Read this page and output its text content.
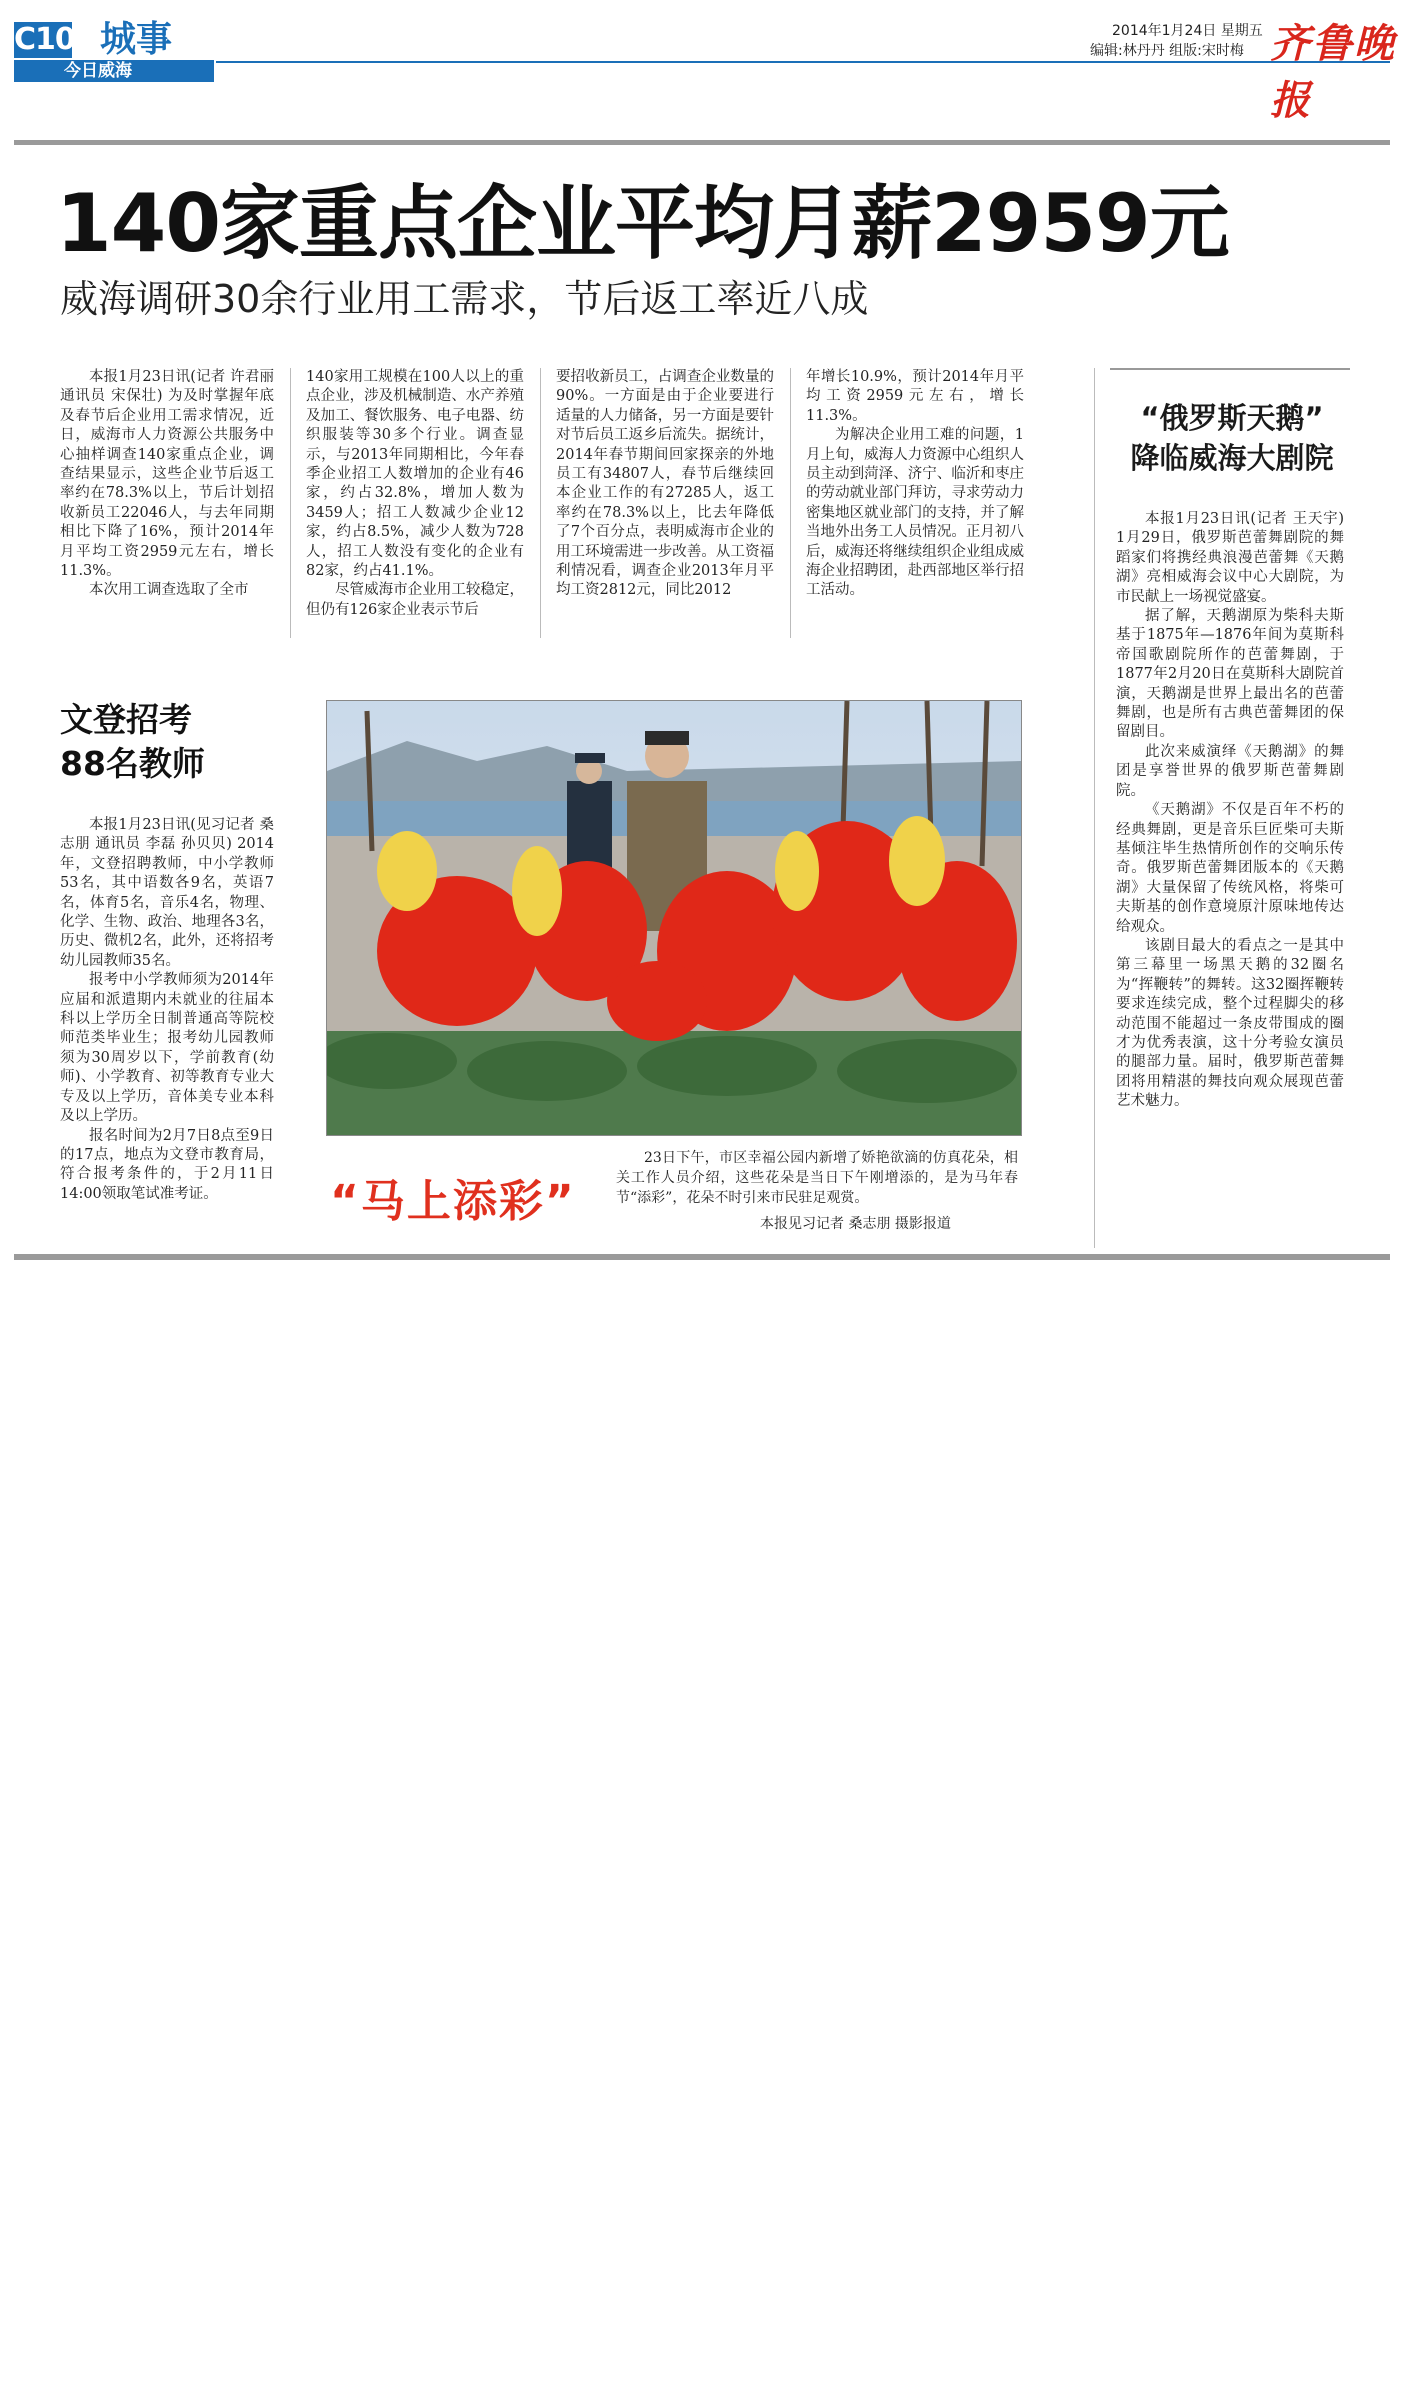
C10 城事
今日威海
2014年1月24日 星期五
编辑:林丹丹 组版:宋时梅 齐鲁晚报
140家重点企业平均月薪2959元
威海调研30余行业用工需求，节后返工率近八成

本报1月23日讯(记者 许君丽 通讯员 宋保壮) 为及时掌握年底及春节后企业用工需求情况，近日，威海市人力资源公共服务中心抽样调查140家重点企业，调查结果显示，这些企业节后返工率约在78.3%以上，节后计划招收新员工22046人，与去年同期相比下降了16%，预计2014年月平均工资2959元左右，增长11.3%。

本次用工调查选取了全市

140家用工规模在100人以上的重点企业，涉及机械制造、水产养殖及加工、餐饮服务、电子电器、纺织服装等30多个行业。调查显示，与2013年同期相比，今年春季企业招工人数增加的企业有46家，约占32.8%，增加人数为3459人；招工人数减少企业12家，约占8.5%，减少人数为728人，招工人数没有变化的企业有82家，约占41.1%。

尽管威海市企业用工较稳定，但仍有126家企业表示节后

要招收新员工，占调查企业数量的90%。一方面是由于企业要进行适量的人力储备，另一方面是要针对节后员工返乡后流失。据统计，2014年春节期间回家探亲的外地员工有34807人，春节后继续回本企业工作的有27285人，返工率约在78.3%以上，比去年降低了7个百分点，表明威海市企业的用工环境需进一步改善。从工资福利情况看，调查企业2013年月平均工资2812元，同比2012

年增长10.9%，预计2014年月平均工资2959元左右，增长11.3%。

为解决企业用工难的问题，1月上旬，威海人力资源中心组织人员主动到菏泽、济宁、临沂和枣庄的劳动就业部门拜访，寻求劳动力密集地区就业部门的支持，并了解当地外出务工人员情况。正月初八后，威海还将继续组织企业组成威海企业招聘团，赴西部地区举行招工活动。

“俄罗斯天鹅”
降临威海大剧院

本报1月23日讯(记者 王天宇) 1月29日，俄罗斯芭蕾舞剧院的舞蹈家们将携经典浪漫芭蕾舞《天鹅湖》亮相威海会议中心大剧院，为市民献上一场视觉盛宴。

据了解，天鹅湖原为柴科夫斯基于1875年—1876年间为莫斯科帝国歌剧院所作的芭蕾舞剧，于1877年2月20日在莫斯科大剧院首演，天鹅湖是世界上最出名的芭蕾舞剧，也是所有古典芭蕾舞团的保留剧目。

此次来威演绎《天鹅湖》的舞团是享誉世界的俄罗斯芭蕾舞剧院。

《天鹅湖》不仅是百年不朽的经典舞剧，更是音乐巨匠柴可夫斯基倾注毕生热情所创作的交响乐传奇。俄罗斯芭蕾舞团版本的《天鹅湖》大量保留了传统风格，将柴可夫斯基的创作意境原汁原味地传达给观众。

该剧目最大的看点之一是其中第三幕里一场黑天鹅的32圈名为“挥鞭转”的舞转。这32圈挥鞭转要求连续完成，整个过程脚尖的移动范围不能超过一条皮带围成的圈才为优秀表演，这十分考验女演员的腿部力量。届时，俄罗斯芭蕾舞团将用精湛的舞技向观众展现芭蕾艺术魅力。

文登招考
88名教师

本报1月23日讯(见习记者 桑志朋 通讯员 李磊 孙贝贝) 2014年，文登招聘教师，中小学教师53名，其中语数各9名，英语7名，体育5名，音乐4名，物理、化学、生物、政治、地理各3名，历史、微机2名，此外，还将招考幼儿园教师35名。

报考中小学教师须为2014年应届和派遣期内未就业的往届本科以上学历全日制普通高等院校师范类毕业生；报考幼儿园教师须为30周岁以下，学前教育(幼师)、小学教育、初等教育专业大专及以上学历，音体美专业本科及以上学历。

报名时间为2月7日8点至9日的17点，地点为文登市教育局，符合报考条件的，于2月11日14:00领取笔试准考证。	“马上添彩”

23日下午，市区幸福公园内新增了娇艳欲滴的仿真花朵，相关工作人员介绍，这些花朵是当日下午刚增添的，是为马年春节“添彩”，花朵不时引来市民驻足观赏。

本报见习记者 桑志朋 摄影报道
